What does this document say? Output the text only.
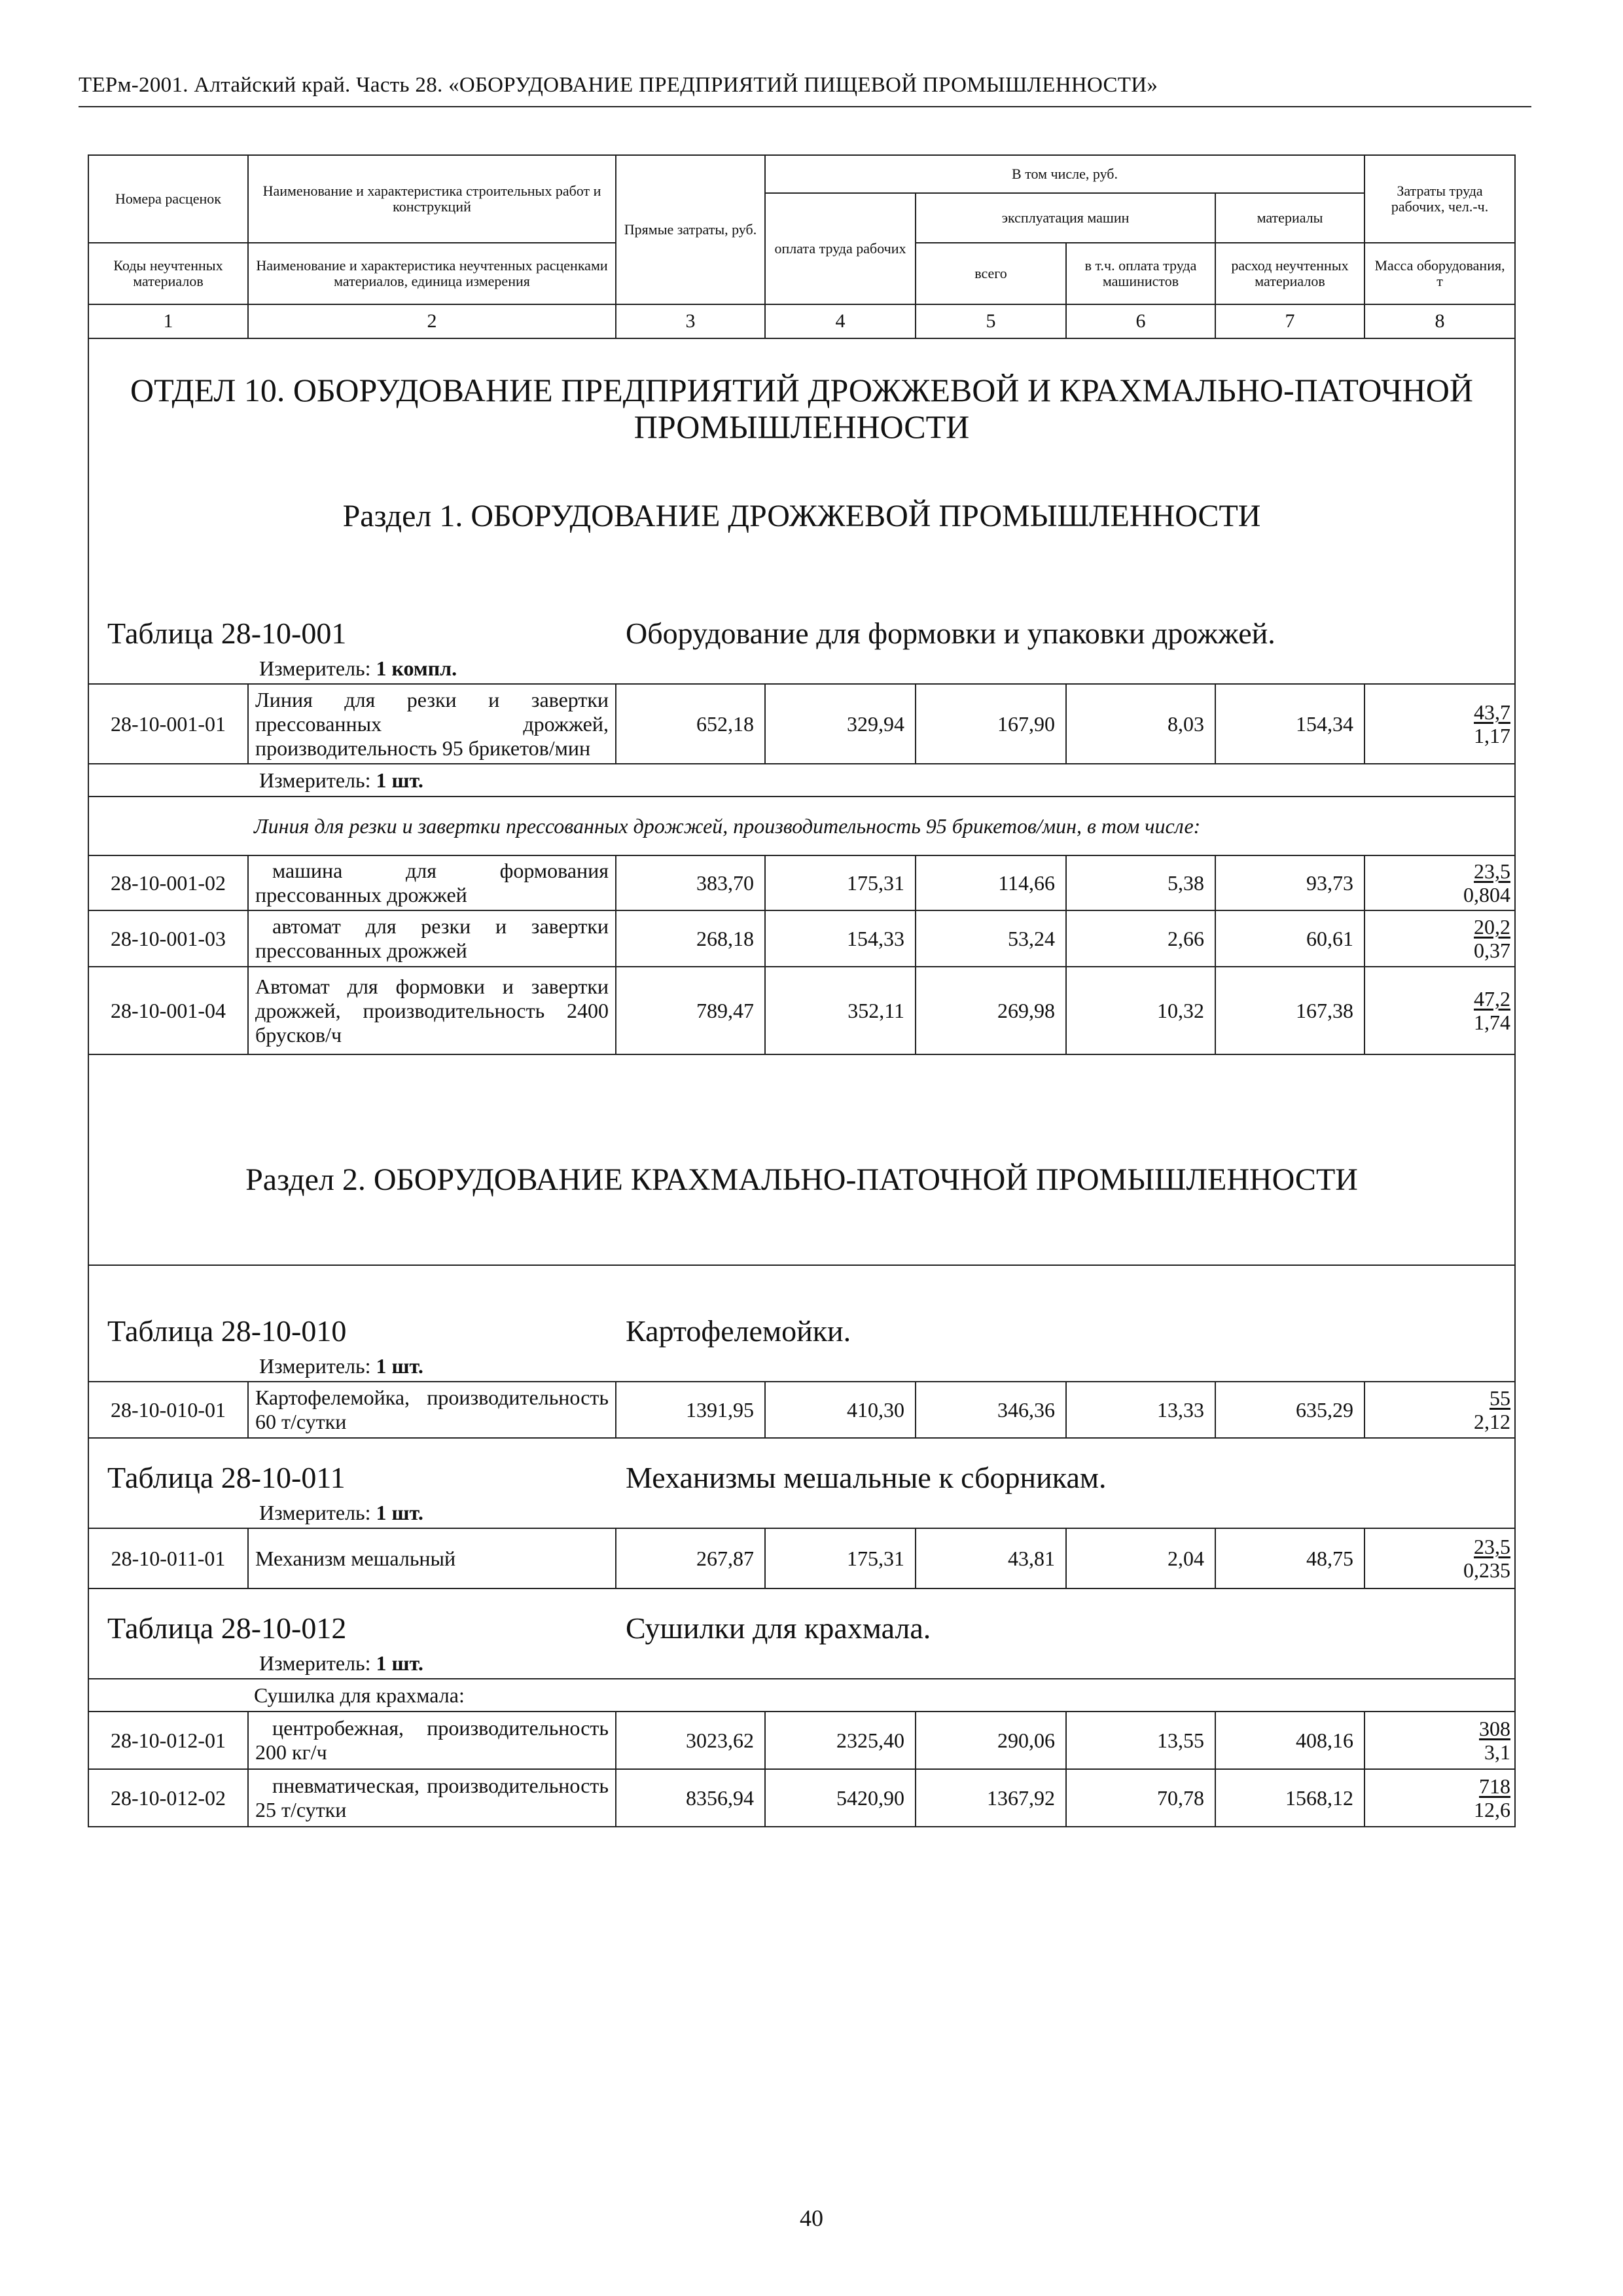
ТЕРм-2001. Алтайский край. Часть 28. «ОБОРУДОВАНИЕ ПРЕДПРИЯТИЙ ПИЩЕВОЙ ПРОМЫШЛЕННОСТИ»
Номера расценок	Наименование и характеристика строительных работ и конструкций	Прямые затраты, руб.	В том числе, руб.				Затраты труда рабочих, чел.-ч.
			оплата труда рабочих	эксплуатация машин		материалы	
Коды неучтенных материалов	Наименование и характеристика неучтенных расценками материалов, единица измерения			всего	в т.ч. оплата труда машинистов	расход неучтенных материалов	Масса оборудования, т
1	2	3	4	5	6	7	8
ОТДЕЛ 10. ОБОРУДОВАНИЕ ПРЕДПРИЯТИЙ ДРОЖЖЕВОЙ И КРАХМАЛЬНО-ПАТОЧНОЙ ПРОМЫШЛЕННОСТИ							
Раздел 1. ОБОРУДОВАНИЕ ДРОЖЖЕВОЙ ПРОМЫШЛЕННОСТИ							

Таблица 28-10-001 Оборудование для формовки и упаковки дрожжей.							

Измеритель: 1 компл.							
28-10-001-01	Линия для резки и завертки прессованных дрожжей, производительность 95 брикетов/мин	652,18	329,94	167,90	8,03	154,34	43,7
1,17

Измеритель: 1 шт.							
Линия для резки и завертки прессованных дрожжей, производительность 95 брикетов/мин, в том числе:							
28-10-001-02	машина для формования прессованных дрожжей	383,70	175,31	114,66	5,38	93,73	23,5
0,804

28-10-001-03	автомат для резки и завертки прессованных дрожжей	268,18	154,33	53,24	2,66	60,61	20,2
0,37

28-10-001-04	Автомат для формовки и завертки дрожжей, производительность 2400 брусков/ч	789,47	352,11	269,98	10,32	167,38	47,2
1,74

Раздел 2. ОБОРУДОВАНИЕ КРАХМАЛЬНО-ПАТОЧНОЙ ПРОМЫШЛЕННОСТИ							

Таблица 28-10-010 Картофелемойки.							

Измеритель: 1 шт.							
28-10-010-01	Картофелемойка, производительность 60 т/сутки	1391,95	410,30	346,36	13,33	635,29	55
2,12

Таблица 28-10-011 Механизмы мешальные к сборникам.							

Измеритель: 1 шт.							
28-10-011-01	Механизм мешальный	267,87	175,31	43,81	2,04	48,75	23,5
0,235

Таблица 28-10-012 Сушилки для крахмала.							

Измеритель: 1 шт.							
Сушилка для крахмала:							
28-10-012-01	центробежная, производительность 200 кг/ч	3023,62	2325,40	290,06	13,55	408,16	308
3,1

28-10-012-02	пневматическая, производительность 25 т/сутки	8356,94	5420,90	1367,92	70,78	1568,12	718
12,6
40
